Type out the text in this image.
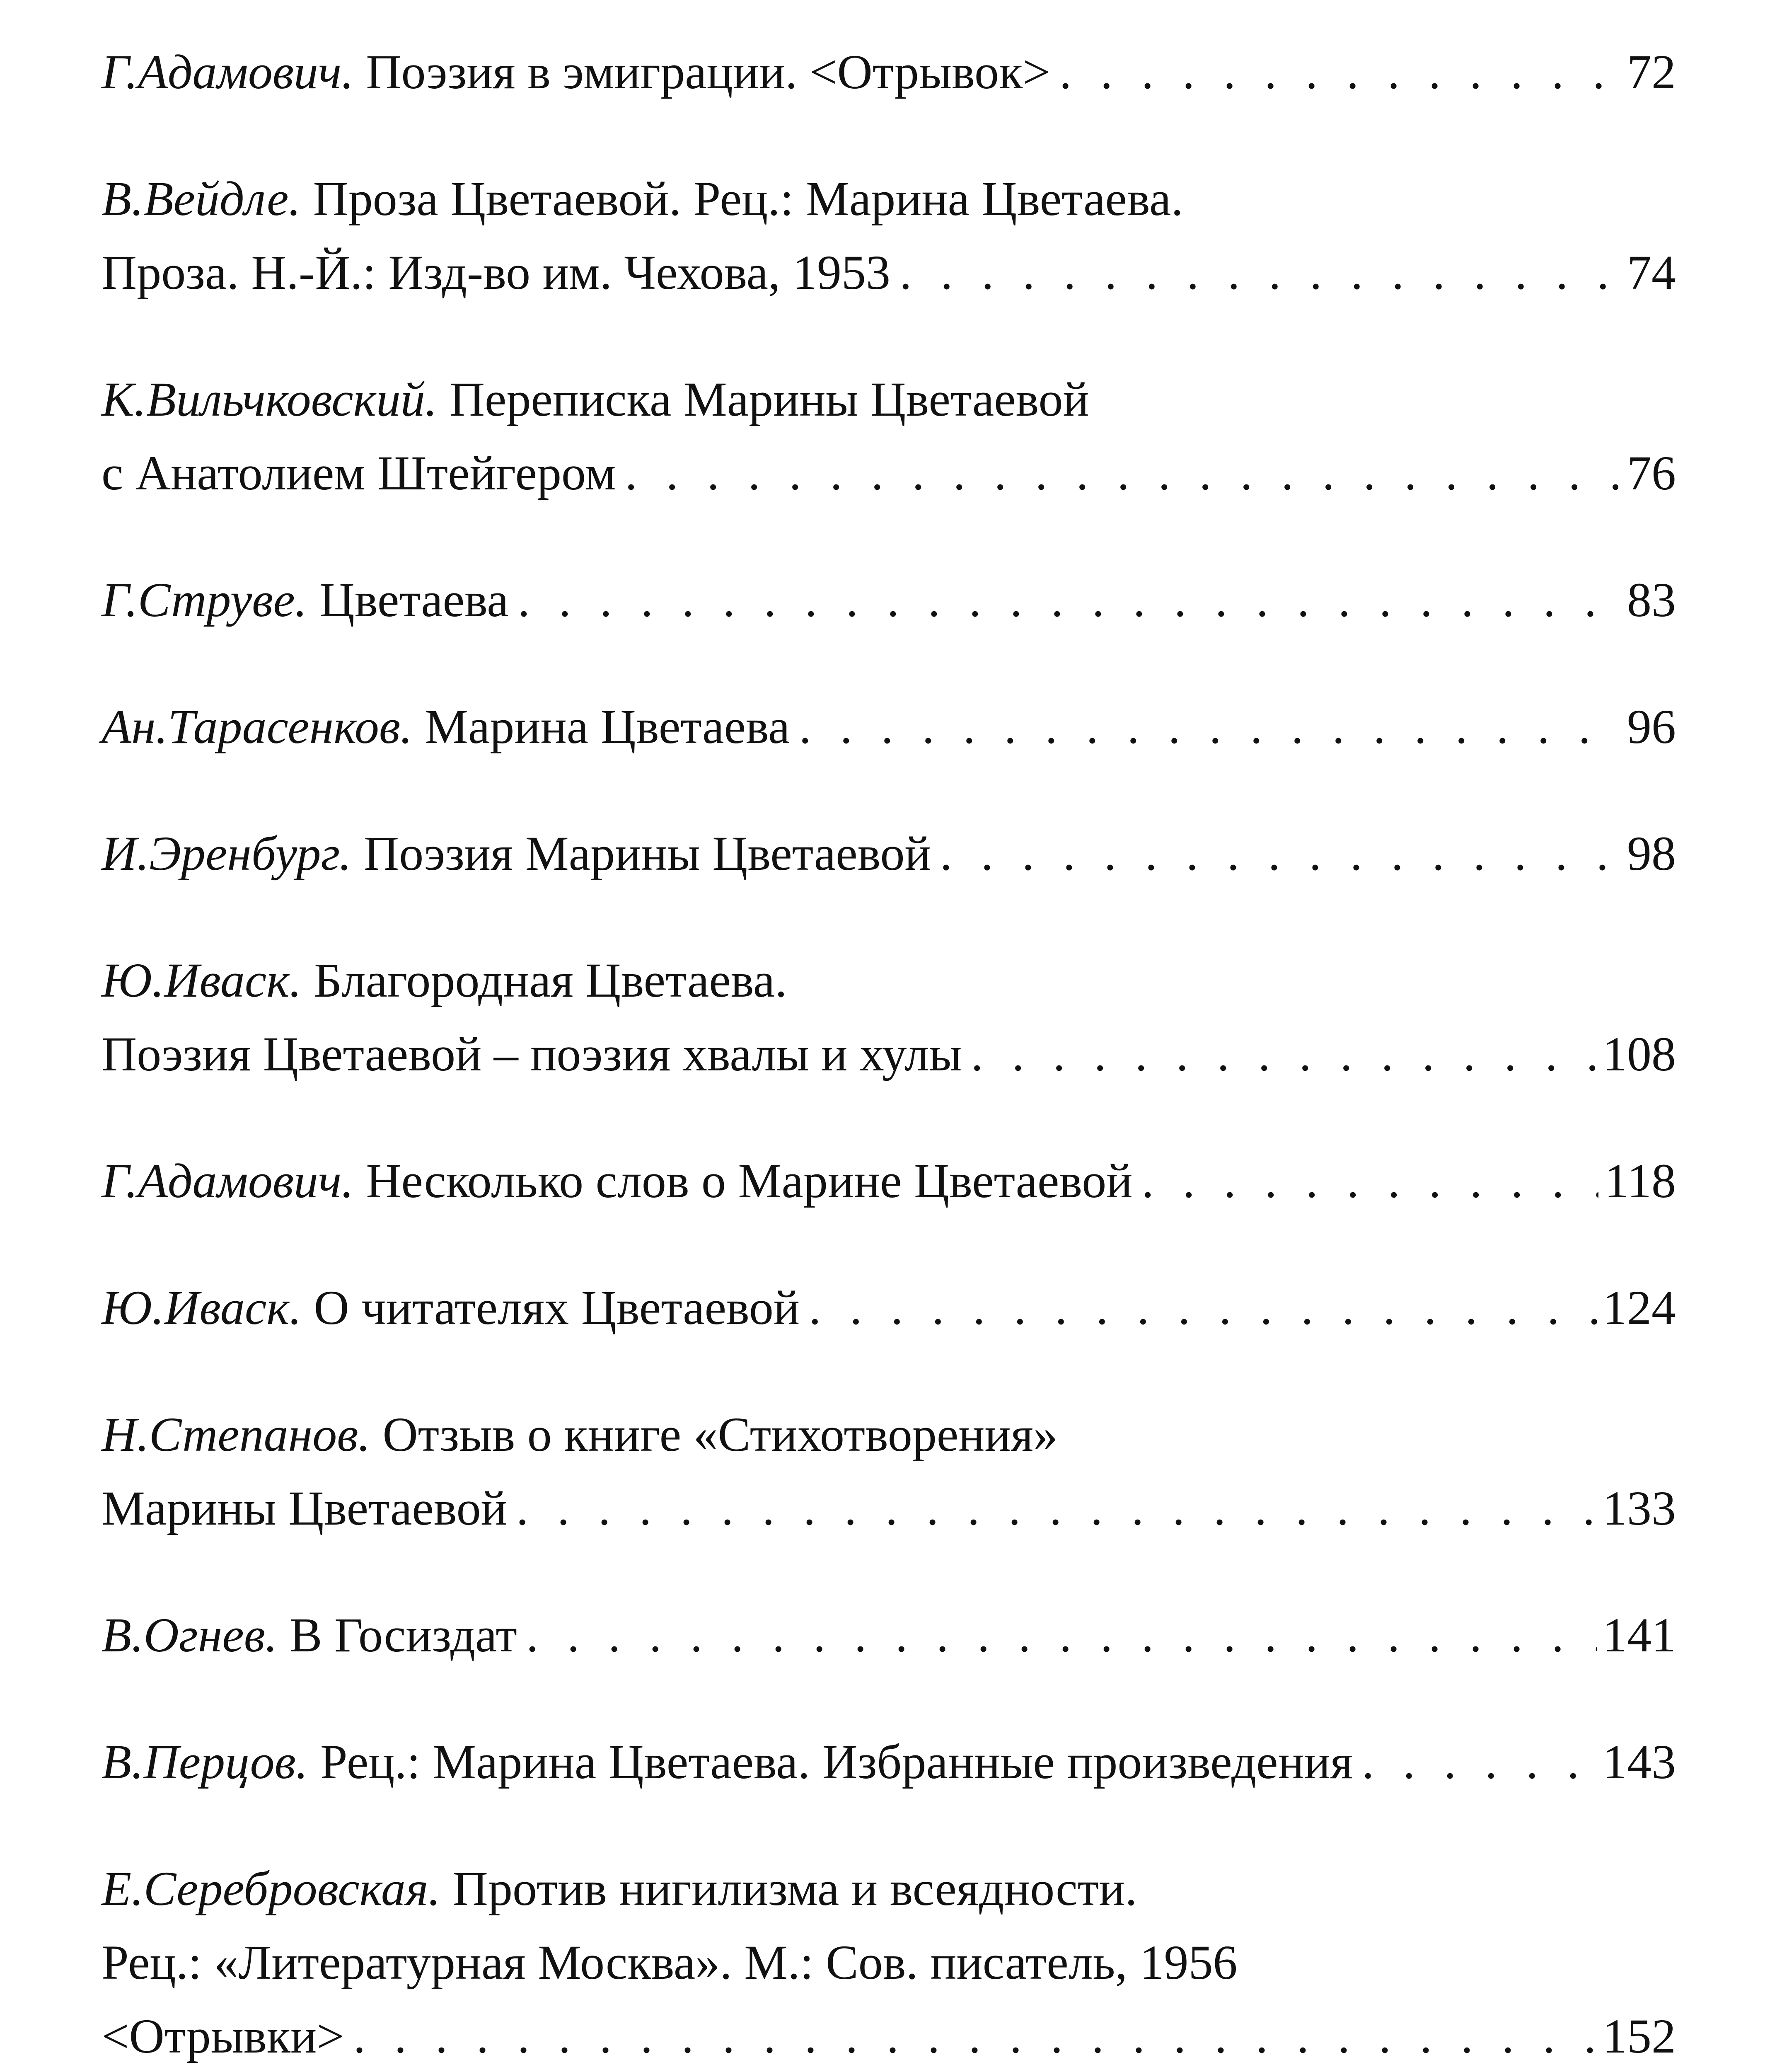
Г.Адамович.
Поэзия в эмиграции. <Отрывок> . . .	72
В.Вейдле.
Проза Цветаевой. Рец.: Марина Цветаева.
Проза. Н.-Й.: Изд-во им. Чехова, 1953 . . .	74
К.Вильчковский.
Переписка Марины Цветаевой
с Анатолием Штейгером . . .	76
Г.Струве.
Цветаева . . .	83
Ан.Тарасенков.
Марина Цветаева . . .	96
И.Эренбург.
Поэзия Марины Цветаевой . . .	98
Ю.Иваск.
Благородная Цветаева.
Поэзия Цветаевой – поэзия хвалы и хулы . . .	108
Г.Адамович.
Несколько слов о Марине Цветаевой . . .	118
Ю.Иваск.
О читателях Цветаевой . . .	124
Н.Степанов.
Отзыв о книге «Стихотворения»
Марины Цветаевой . . .	133
В.Огнев.
В Госиздат . . .	141
В.Перцов.
Рец.: Марина Цветаева. Избранные произведения . . .	143
Е.Серебровская.
Против нигилизма и всеядности.
Рец.: «Литературная Москва». М.: Сов. писатель, 1956
<Отрывки> . . .	152
